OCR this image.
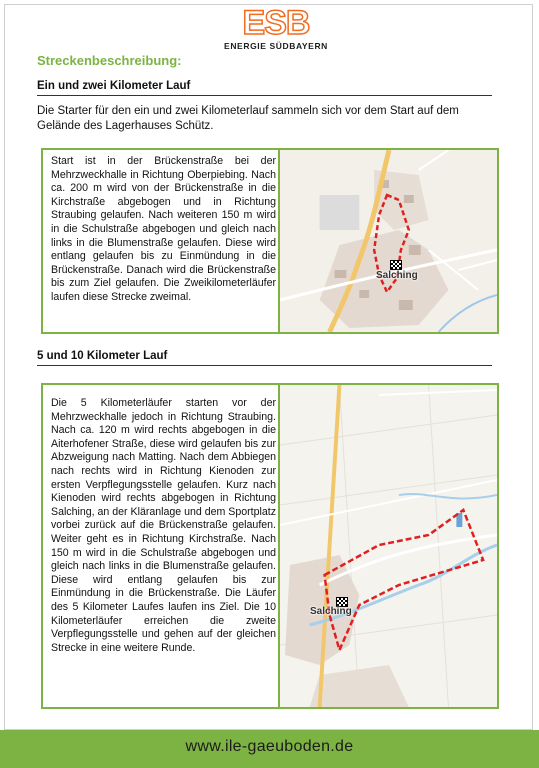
ESB
ENERGIE SÜDBAYERN
Streckenbeschreibung:
Ein und zwei Kilometer Lauf
Die Starter für den ein und zwei Kilometerlauf sammeln sich vor dem Start auf dem Gelände des Lagerhauses Schütz.
Start ist in der Brückenstraße bei der Mehrzweckhalle in Richtung Oberpiebing. Nach ca. 200 m wird von der Brückenstraße in die Kirchstraße abgebogen und in Richtung Straubing gelaufen. Nach weiteren 150 m wird in die Schulstraße abgebogen und gleich nach links in die Blumenstraße gelaufen. Diese wird entlang gelaufen bis zu Einmündung in die Brückenstraße. Danach wird die Brückenstraße bis zum Ziel gelaufen. Die Zweikilometerläufer laufen diese Strecke zweimal.
Salching
5 und 10 Kilometer Lauf
Die 5 Kilometerläufer starten vor der Mehrzweckhalle jedoch in Richtung Straubing. Nach ca. 120 m wird rechts abgebogen in die Aiterhofener Straße, diese wird gelaufen bis zur Abzweigung nach Matting. Nach dem Abbiegen nach rechts wird in Richtung Kienoden zur ersten Verpflegungsstelle gelaufen. Kurz nach Kienoden wird rechts abgebogen in Richtung Salching, an der Kläranlage und dem Sportplatz vorbei zurück auf die Brückenstraße gelaufen. Weiter geht es in Richtung Kirchstraße. Nach 150 m wird in die Schulstraße abgebogen und gleich nach links in die Blumenstraße gelaufen. Diese wird entlang gelaufen bis zur Einmündung in die Brückenstraße. Die Läufer des 5 Kilometer Laufes laufen ins Ziel. Die 10 Kilometerläufer erreichen die zweite Verpflegungsstelle und gehen auf der gleichen Strecke in eine weitere Runde.
Salching
www.ile-gaeuboden.de
